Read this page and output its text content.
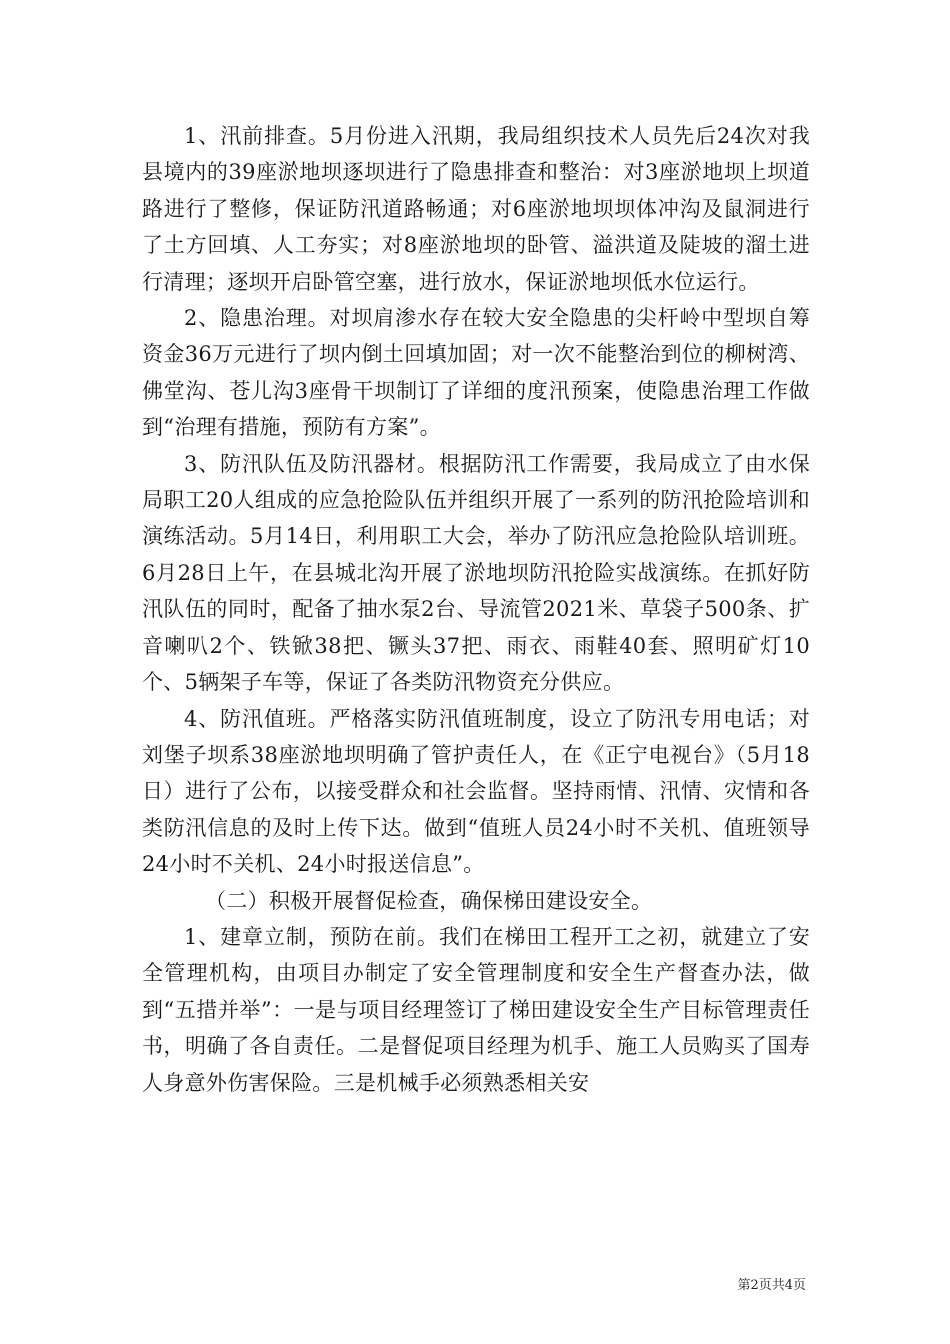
1、汛前排查。5月份进入汛期，我局组织技术人员先后24次对我县境内的39座淤地坝逐坝进行了隐患排查和整治：对3座淤地坝上坝道路进行了整修，保证防汛道路畅通；对6座淤地坝坝体冲沟及鼠洞进行了土方回填、人工夯实；对8座淤地坝的卧管、溢洪道及陡坡的溜土进行清理；逐坝开启卧管空塞，进行放水，保证淤地坝低水位运行。

2、隐患治理。对坝肩渗水存在较大安全隐患的尖杆岭中型坝自筹资金36万元进行了坝内倒土回填加固；对一次不能整治到位的柳树湾、佛堂沟、苍儿沟3座骨干坝制订了详细的度汛预案，使隐患治理工作做到“治理有措施，预防有方案”。

3、防汛队伍及防汛器材。根据防汛工作需要，我局成立了由水保局职工20人组成的应急抢险队伍并组织开展了一系列的防汛抢险培训和演练活动。5月14日，利用职工大会，举办了防汛应急抢险队培训班。6月28日上午，在县城北沟开展了淤地坝防汛抢险实战演练。在抓好防汛队伍的同时，配备了抽水泵2台、导流管2021米、草袋子500条、扩音喇叭2个、铁锨38把、镢头37把、雨衣、雨鞋40套、照明矿灯10个、5辆架子车等，保证了各类防汛物资充分供应。

4、防汛值班。严格落实防汛值班制度，设立了防汛专用电话；对刘堡子坝系38座淤地坝明确了管护责任人，在《正宁电视台》（5月18日）进行了公布，以接受群众和社会监督。坚持雨情、汛情、灾情和各类防汛信息的及时上传下达。做到“值班人员24小时不关机、值班领导24小时不关机、24小时报送信息”。

（二）积极开展督促检查，确保梯田建设安全。

1、建章立制，预防在前。我们在梯田工程开工之初，就建立了安全管理机构，由项目办制定了安全管理制度和安全生产督查办法，做到“五措并举”：一是与项目经理签订了梯田建设安全生产目标管理责任书，明确了各自责任。二是督促项目经理为机手、施工人员购买了国寿人身意外伤害保险。三是机械手必须熟悉相关安

第2页共4页
